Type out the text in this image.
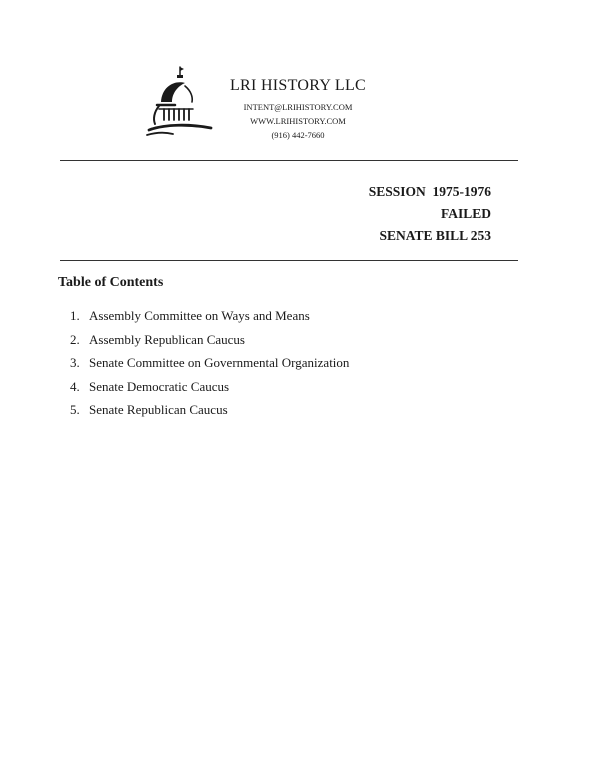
LRI HISTORY LLC
INTENT@LRIHISTORY.COM
WWW.LRIHISTORY.COM
(916) 442-7660
SESSION  1975-1976
FAILED
SENATE BILL 253
Table of Contents
1. Assembly Committee on Ways and Means
2. Assembly Republican Caucus
3. Senate Committee on Governmental Organization
4. Senate Democratic Caucus
5. Senate Republican Caucus
